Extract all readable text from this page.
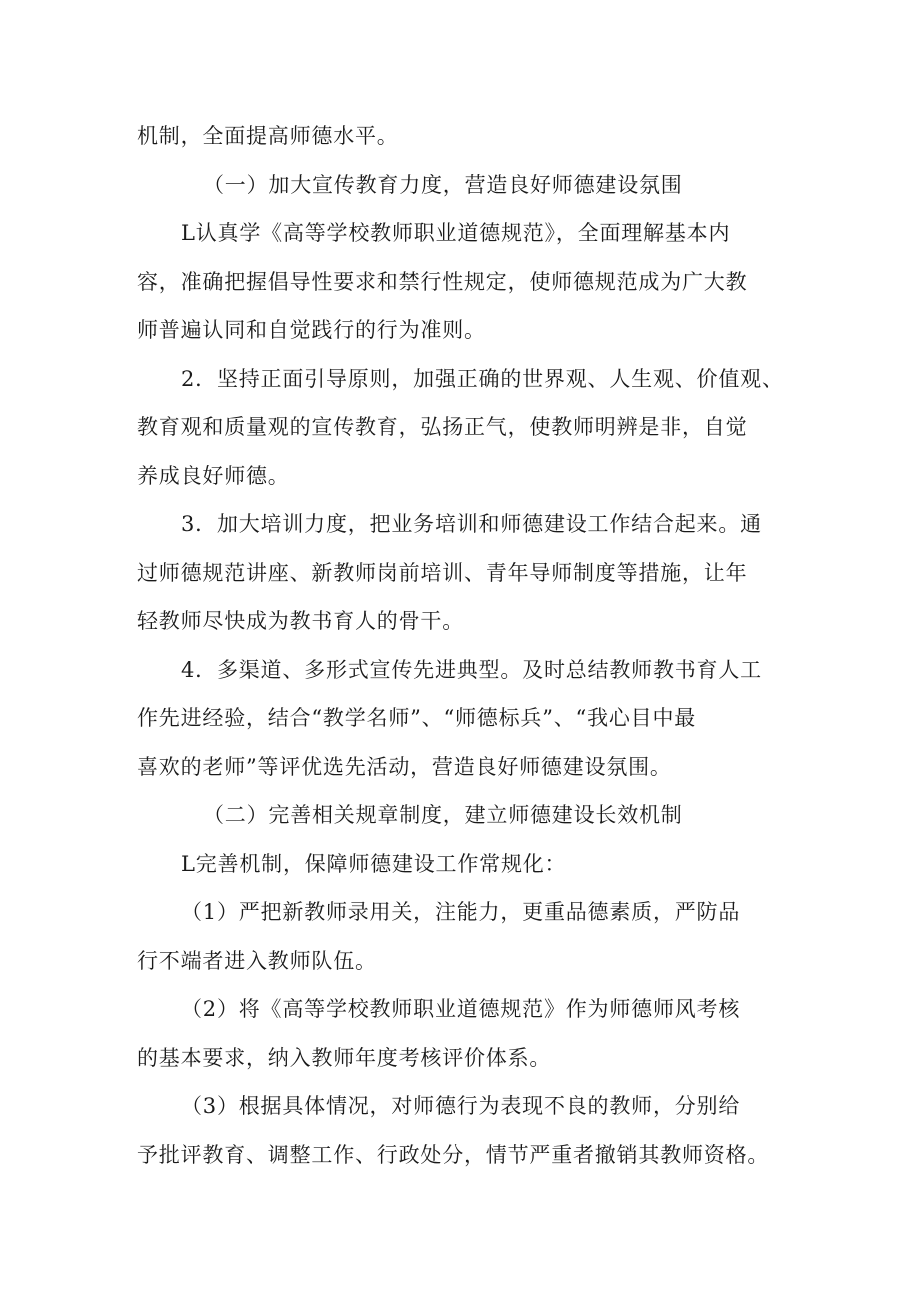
机制，全面提高师德水平。
（一）加大宣传教育力度，营造良好师德建设氛围
L认真学《高等学校教师职业道德规范》，全面理解基本内
容，准确把握倡导性要求和禁行性规定，使师德规范成为广大教
师普遍认同和自觉践行的行为准则。
2．坚持正面引导原则，加强正确的世界观、人生观、价值观、
教育观和质量观的宣传教育，弘扬正气，使教师明辨是非，自觉
养成良好师德。
3．加大培训力度，把业务培训和师德建设工作结合起来。通
过师德规范讲座、新教师岗前培训、青年导师制度等措施，让年
轻教师尽快成为教书育人的骨干。
4．多渠道、多形式宣传先进典型。及时总结教师教书育人工
作先进经验，结合“教学名师”、“师德标兵”、“我心目中最
喜欢的老师”等评优选先活动，营造良好师德建设氛围。
（二）完善相关规章制度，建立师德建设长效机制
L完善机制，保障师德建设工作常规化：
（1）严把新教师录用关，注能力，更重品德素质，严防品
行不端者进入教师队伍。
（2）将《高等学校教师职业道德规范》作为师德师风考核
的基本要求，纳入教师年度考核评价体系。
（3）根据具体情况，对师德行为表现不良的教师，分别给
予批评教育、调整工作、行政处分，情节严重者撤销其教师资格。
